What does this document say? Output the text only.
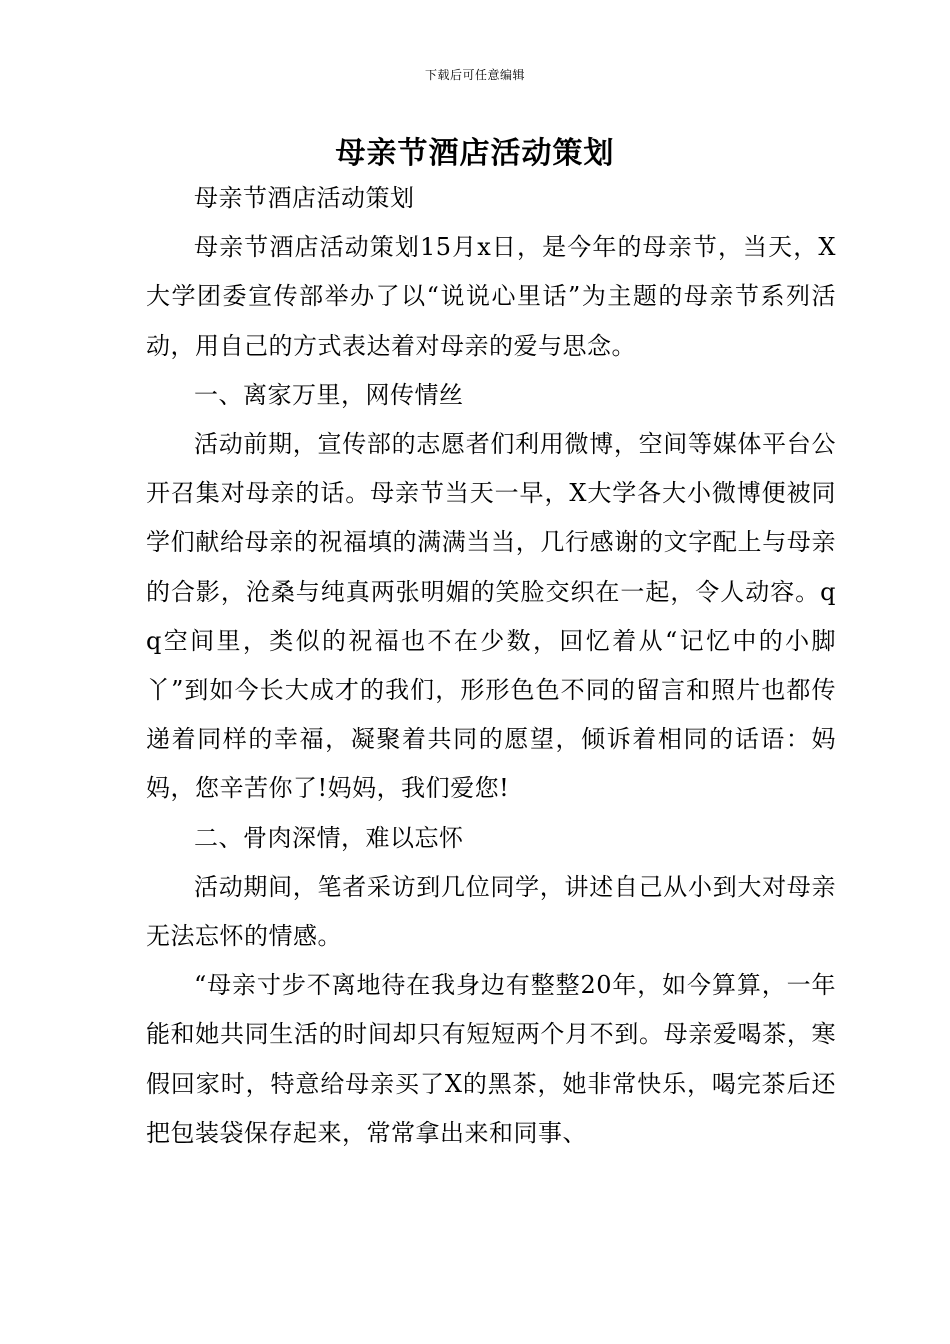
下载后可任意编辑
母亲节酒店活动策划

母亲节酒店活动策划

母亲节酒店活动策划15月x日，是今年的母亲节，当天，X大学团委宣传部举办了以“说说心里话”为主题的母亲节系列活动，用自己的方式表达着对母亲的爱与思念。

一、离家万里，网传情丝

活动前期，宣传部的志愿者们利用微博，空间等媒体平台公开召集对母亲的话。母亲节当天一早，X大学各大小微博便被同学们献给母亲的祝福填的满满当当，几行感谢的文字配上与母亲的合影，沧桑与纯真两张明媚的笑脸交织在一起，令人动容。qq空间里，类似的祝福也不在少数，回忆着从“记忆中的小脚丫”到如今长大成才的我们，形形色色不同的留言和照片也都传递着同样的幸福，凝聚着共同的愿望，倾诉着相同的话语：妈妈，您辛苦你了!妈妈，我们爱您!

二、骨肉深情，难以忘怀

活动期间，笔者采访到几位同学，讲述自己从小到大对母亲无法忘怀的情感。

“母亲寸步不离地待在我身边有整整20年，如今算算，一年能和她共同生活的时间却只有短短两个月不到。母亲爱喝茶，寒假回家时，特意给母亲买了X的黑茶，她非常快乐，喝完茶后还把包装袋保存起来，常常拿出来和同事、
